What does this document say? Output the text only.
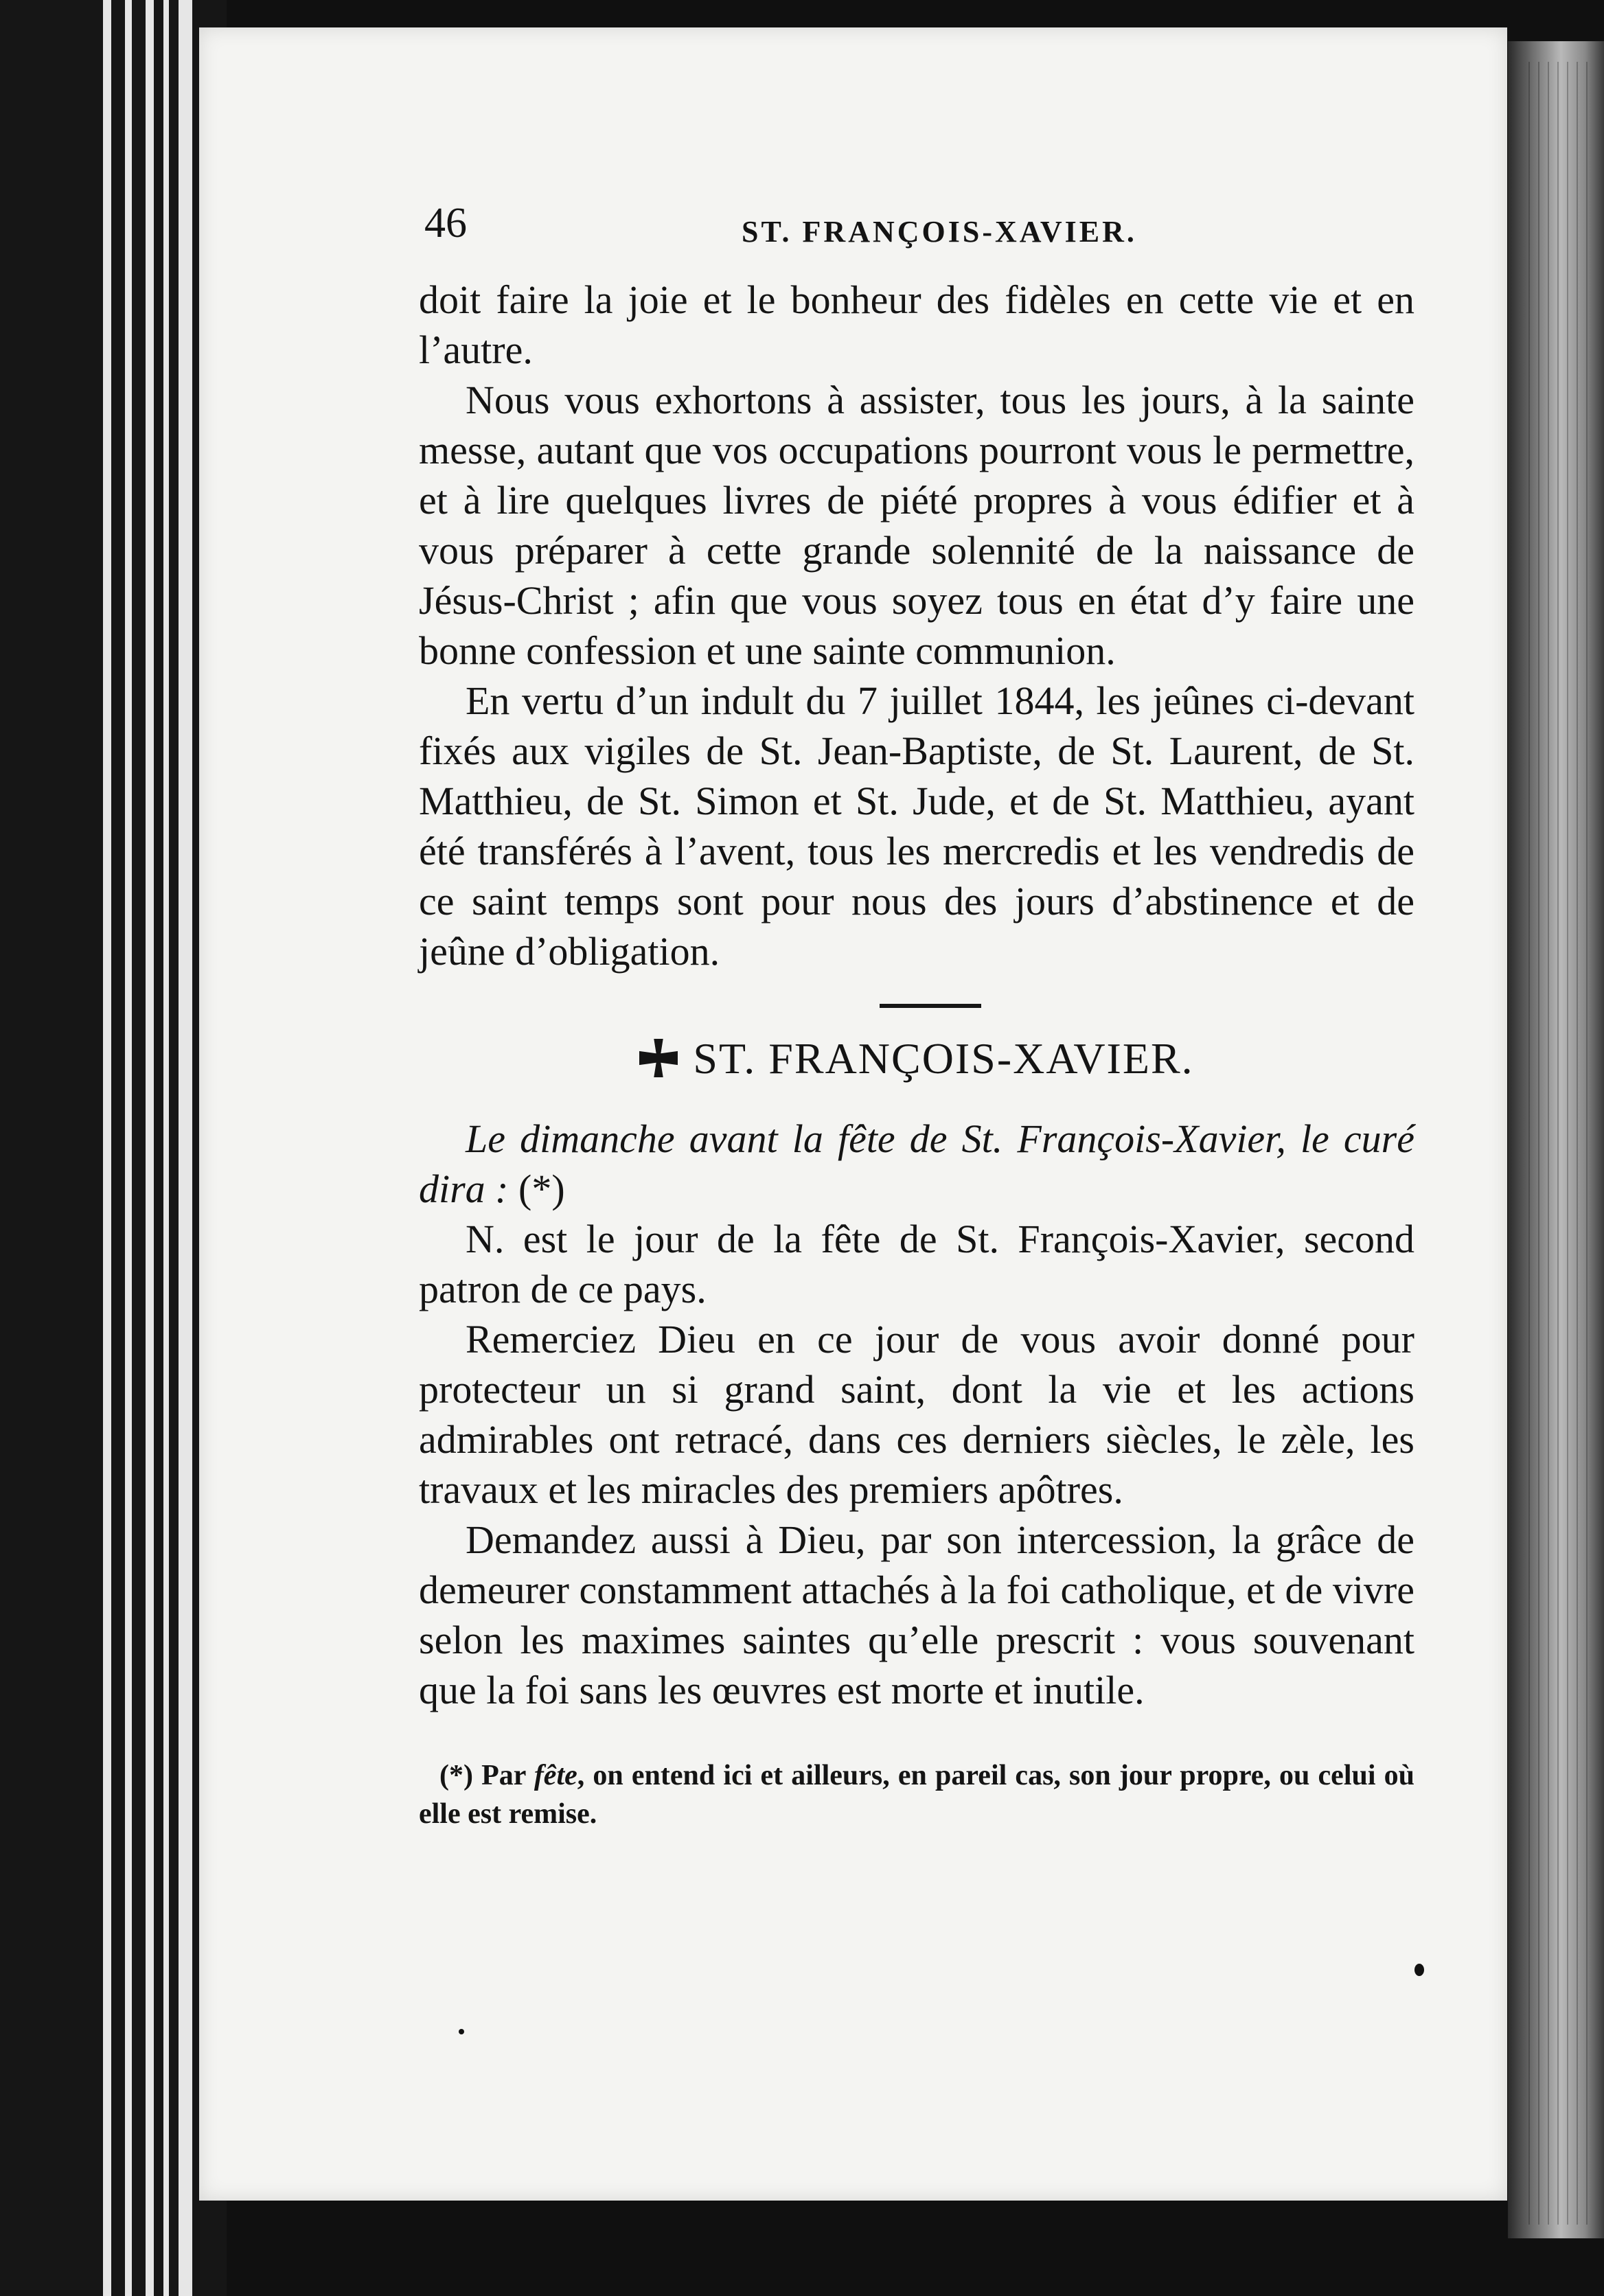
46	ST. FRANÇOIS-XAVIER.

doit faire la joie et le bonheur des fidèles en cette vie et en l’autre.

Nous vous exhortons à assister, tous les jours, à la sainte messe, autant que vos occupations pourront vous le permettre, et à lire quelques livres de piété propres à vous édifier et à vous préparer à cette grande solennité de la naissance de Jésus-Christ ; afin que vous soyez tous en état d’y faire une bonne confession et une sainte communion.

En vertu d’un indult du 7 juillet 1844, les jeûnes ci-devant fixés aux vigiles de St. Jean-Baptiste, de St. Laurent, de St. Matthieu, de St. Simon et St. Jude, et de St. Matthieu, ayant été transférés à l’avent, tous les mercredis et les vendredis de ce saint temps sont pour nous des jours d’abstinence et de jeûne d’obligation.

ST. FRANÇOIS-XAVIER.

Le dimanche avant la fête de St. François-Xavier, le curé dira : (*)

N. est le jour de la fête de St. François-Xavier, second patron de ce pays.

Remerciez Dieu en ce jour de vous avoir donné pour protecteur un si grand saint, dont la vie et les actions admirables ont retracé, dans ces derniers siècles, le zèle, les travaux et les miracles des premiers apôtres.

Demandez aussi à Dieu, par son intercession, la grâce de demeurer constamment attachés à la foi catholique, et de vivre selon les maximes saintes qu’elle prescrit : vous souvenant que la foi sans les œuvres est morte et inutile.

(*) Par fête, on entend ici et ailleurs, en pareil cas, son jour propre, ou celui où elle est remise.
